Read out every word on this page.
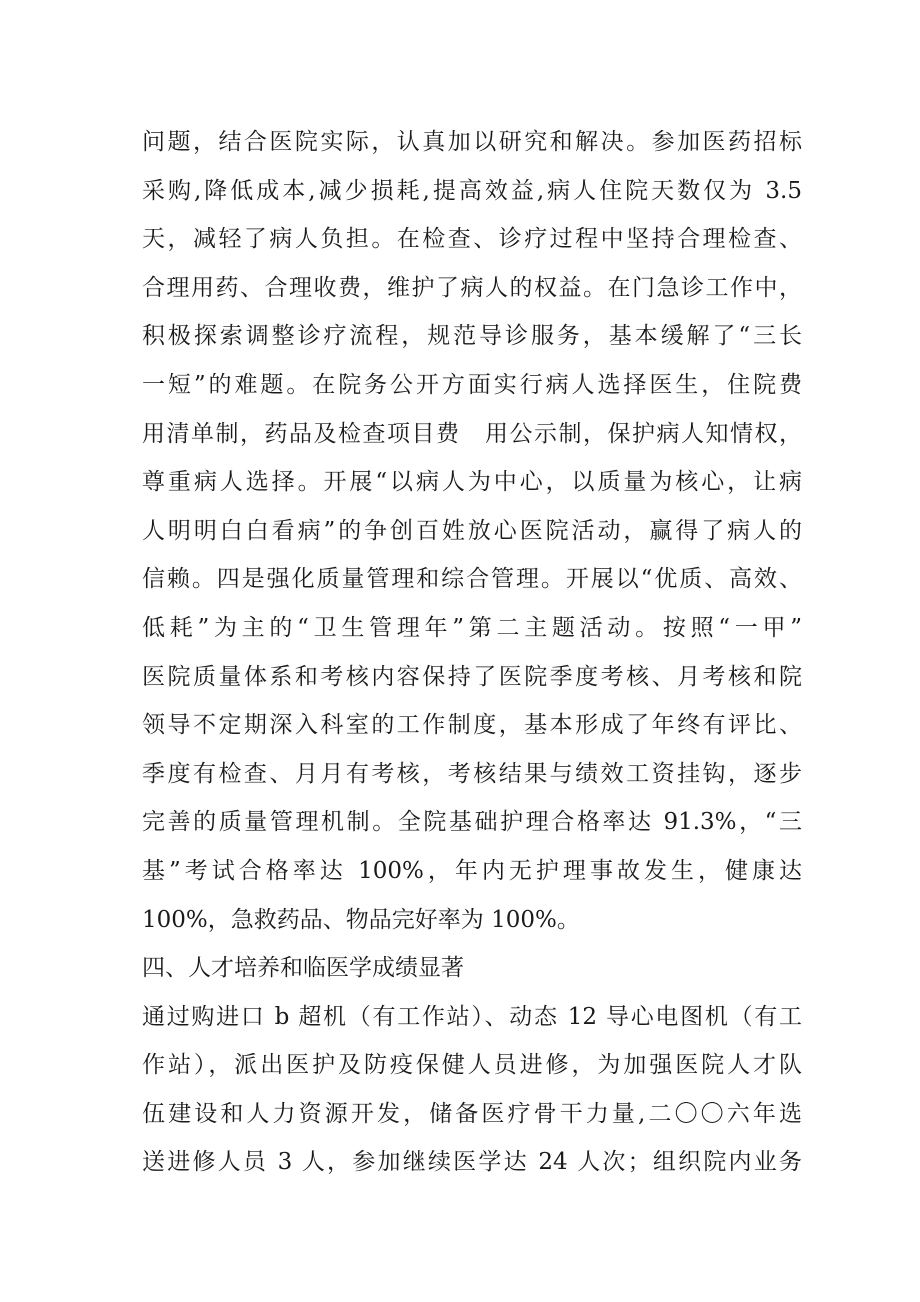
问题，结合医院实际，认真加以研究和解决。参加医药招标
采购,降低成本,减少损耗,提高效益,病人住院天数仅为 3.5
天，减轻了病人负担。在检查、诊疗过程中坚持合理检查、
合理用药、合理收费，维护了病人的权益。在门急诊工作中，
积极探索调整诊疗流程，规范导诊服务，基本缓解了“三长
一短”的难题。在院务公开方面实行病人选择医生，住院费
用清单制，药品及检查项目费　用公示制，保护病人知情权，
尊重病人选择。开展“以病人为中心，以质量为核心，让病
人明明白白看病”的争创百姓放心医院活动，赢得了病人的
信赖。四是强化质量管理和综合管理。开展以“优质、高效、
低耗”为主的“卫生管理年”第二主题活动。按照“一甲”
医院质量体系和考核内容保持了医院季度考核、月考核和院
领导不定期深入科室的工作制度，基本形成了年终有评比、
季度有检查、月月有考核，考核结果与绩效工资挂钩，逐步
完善的质量管理机制。全院基础护理合格率达 91.3%，“三
基”考试合格率达 100%，年内无护理事故发生，健康达
100%，急救药品、物品完好率为 100%。
四、人才培养和临医学成绩显著
通过购进口 b 超机（有工作站）、动态 12 导心电图机（有工
作站），派出医护及防疫保健人员进修，为加强医院人才队
伍建设和人力资源开发，储备医疗骨干力量,二〇〇六年选
送进修人员 3 人，参加继续医学达 24 人次；组织院内业务
